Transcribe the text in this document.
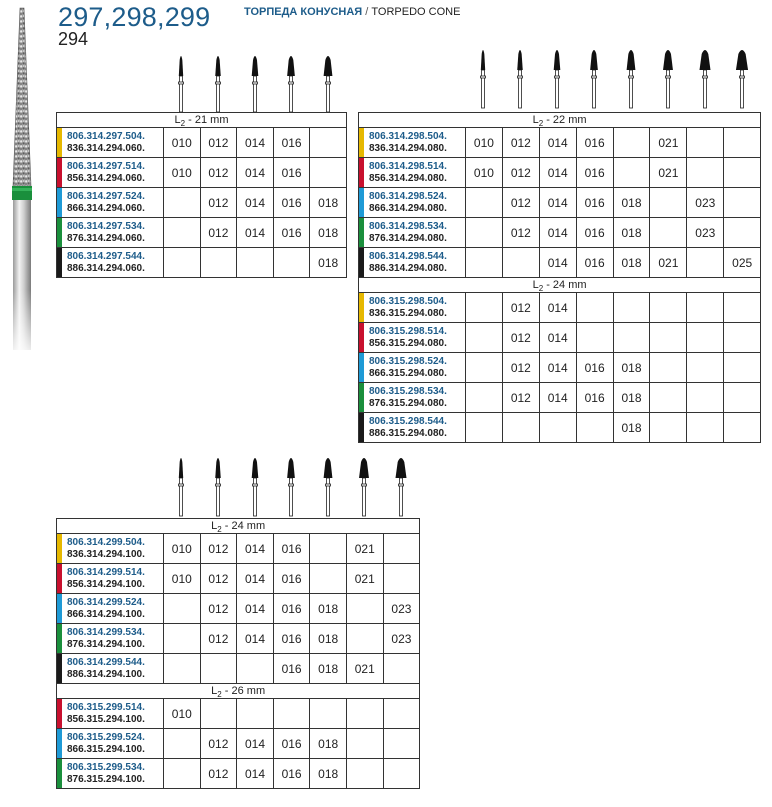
297,298,299
294
ТОРПЕДА КОНУСНАЯ / TORPEDO CONE
$L_2 - 21$ mm					

806.314.297.504.
836.314.294.060.	010	012	014	016	

806.314.297.514.
856.314.294.060.	010	012	014	016	

806.314.297.524.
866.314.294.060.		012	014	016	018

806.314.297.534.
876.314.294.060.		012	014	016	018

806.314.297.544.
886.314.294.060.					018
$L_2 - 22$ mm								

806.314.298.504.
836.314.294.080.	010	012	014	016		021		

806.314.298.514.
856.314.294.080.	010	012	014	016		021		

806.314.298.524.
866.314.294.080.		012	014	016	018		023	

806.314.298.534.
876.314.294.080.		012	014	016	018		023	

806.314.298.544.
886.314.294.080.			014	016	018	021		025
$L_2 - 24$ mm								

806.315.298.504.
836.315.294.080.		012	014					

806.315.298.514.
856.315.294.080.		012	014					

806.315.298.524.
866.315.294.080.		012	014	016	018			

806.315.298.534.
876.315.294.080.		012	014	016	018			

806.315.298.544.
886.315.294.080.					018			
$L_2 - 24$ mm							

806.314.299.504.
836.314.294.100.	010	012	014	016		021	

806.314.299.514.
856.314.294.100.	010	012	014	016		021	

806.314.299.524.
866.314.294.100.		012	014	016	018		023

806.314.299.534.
876.314.294.100.		012	014	016	018		023

806.314.299.544.
886.314.294.100.				016	018	021	
$L_2 - 26$ mm							

806.315.299.514.
856.315.294.100.	010						

806.315.299.524.
866.315.294.100.		012	014	016	018		

806.315.299.534.
876.315.294.100.		012	014	016	018		
